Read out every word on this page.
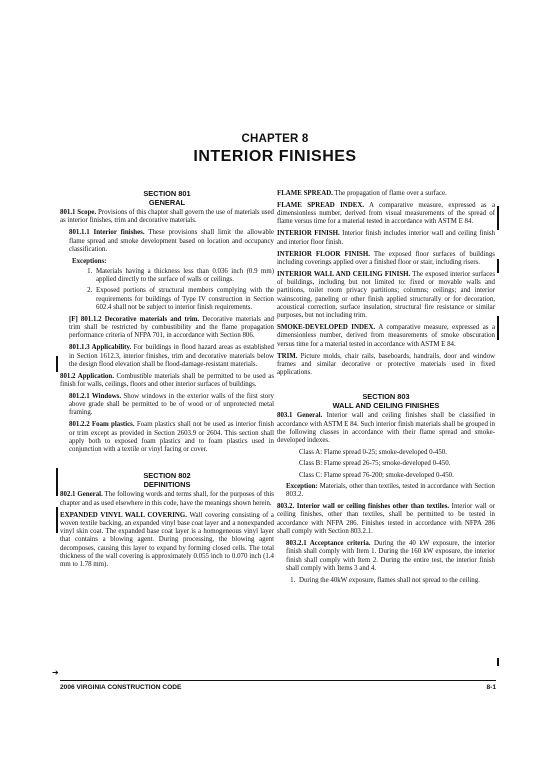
CHAPTER 8
INTERIOR FINISHES
SECTION 801
GENERAL

801.1 Scope. Provisions of this chapter shall govern the use of materials used as interior finishes, trim and decorative materials.

801.1.1 Interior finishes. These provisions shall limit the allowable flame spread and smoke development based on location and occupancy classification.

Exceptions:
1. Materials having a thickness less than 0.036 inch (0.9 mm) applied directly to the surface of walls or ceilings.
2. Exposed portions of structural members complying with the requirements for buildings of Type IV construction in Section 602.4 shall not be subject to interior finish requirements.

[F] 801.1.2 Decorative materials and trim. Decorative materials and trim shall be restricted by combustibility and the flame propagation performance criteria of NFPA 701, in accordance with Section 806.

801.1.3 Applicability. For buildings in flood hazard areas as established in Section 1612.3, interior finishes, trim and decorative materials below the design flood elevation shall be flood-damage-resistant materials.

801.2 Application. Combustible materials shall be permitted to be used as finish for walls, ceilings, floors and other interior surfaces of buildings.

801.2.1 Windows. Show windows in the exterior walls of the first story above grade shall be permitted to be of wood or of unprotected metal framing.

801.2.2 Foam plastics. Foam plastics shall not be used as interior finish or trim except as provided in Section 2603.9 or 2604. This section shall apply both to exposed foam plastics and to foam plastics used in conjunction with a textile or vinyl facing or cover.

SECTION 802
DEFINITIONS

802.1 General. The following words and terms shall, for the purposes of this chapter and as used elsewhere in this code, have the meanings shown herein.

EXPANDED VINYL WALL COVERING. Wall covering consisting of a woven textile backing, an expanded vinyl base coat layer and a nonexpanded vinyl skin coat. The expanded base coat layer is a homogeneous vinyl layer that contains a blowing agent. During processing, the blowing agent decomposes, causing this layer to expand by forming closed cells. The total thickness of the wall covering is approximately 0.055 inch to 0.070 inch (1.4 mm to 1.78 mm).

FLAME SPREAD. The propagation of flame over a surface.

FLAME SPREAD INDEX. A comparative measure, expressed as a dimensionless number, derived from visual measurements of the spread of flame versus time for a material tested in accordance with ASTM E 84.

INTERIOR FINISH. Interior finish includes interior wall and ceiling finish and interior floor finish.

INTERIOR FLOOR FINISH. The exposed floor surfaces of buildings including coverings applied over a finished floor or stair, including risers.

INTERIOR WALL AND CEILING FINISH. The exposed interior surfaces of buildings, including but not limited to: fixed or movable walls and partitions, toilet room privacy partitions; columns; ceilings; and interior wainscoting, paneling or other finish applied structurally or for decoration, acoustical correction, surface insulation, structural fire resistance or similar purposes, but not including trim.

SMOKE-DEVELOPED INDEX. A comparative measure, expressed as a dimensionless number, derived from measurements of smoke obscuration versus time for a material tested in accordance with ASTM E 84.

TRIM. Picture molds, chair rails, baseboards, handrails, door and window frames and similar decorative or protective materials used in fixed applications.

SECTION 803
WALL AND CEILING FINISHES

803.1 General. Interior wall and ceiling finishes shall be classified in accordance with ASTM E 84. Such interior finish materials shall be grouped in the following classes in accordance with their flame spread and smoke-developed indexes.

Class A: Flame spread 0-25; smoke-developed 0-450.
Class B: Flame spread 26-75; smoke-developed 0-450.
Class C: Flame spread 76-200; smoke-developed 0-450.

Exception: Materials, other than textiles, tested in accordance with Section 803.2.

803.2. Interior wall or ceiling finishes other than textiles. Interior wall or ceiling finishes, other than textiles, shall be permitted to be tested in accordance with NFPA 286. Finishes tested in accordance with NFPA 286 shall comply with Section 803.2.1.

803.2.1 Acceptance criteria. During the 40 kW exposure, the interior finish shall comply with Item 1. During the 160 kW exposure, the interior finish shall comply with Item 2. During the entire test, the interior finish shall comply with Items 3 and 4.

1. During the 40kW exposure, flames shall not spread to the ceiling.
➔
2006 VIRGINIA CONSTRUCTION CODE	8-1
